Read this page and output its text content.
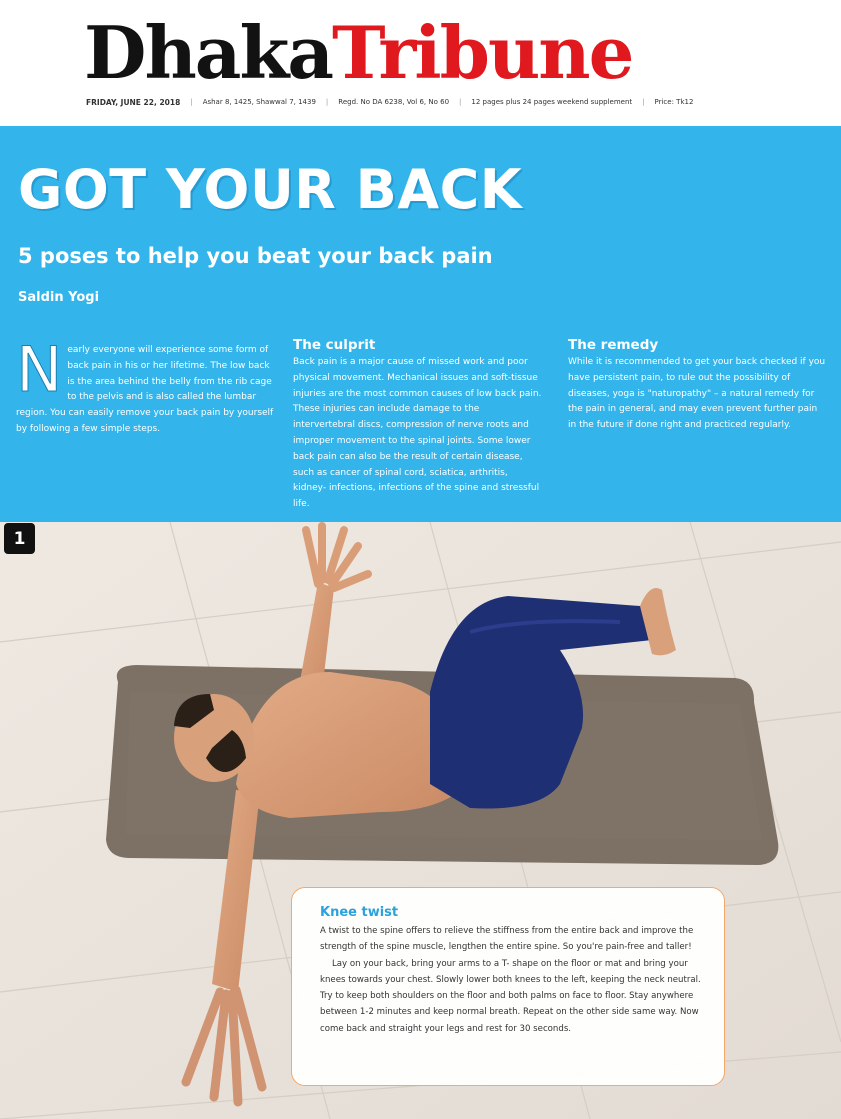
DhakaTribune
FRIDAY, JUNE 22, 2018 | Ashar 8, 1425, Shawwal 7, 1439 | Regd. No DA 6238, Vol 6, No 60 | 12 pages plus 24 pages weekend supplement | Price: Tk12
GOT YOUR BACK
5 poses to help you beat your back pain
Saldin Yogi

Nearly everyone will experience some form of back pain in his or her lifetime. The low back is the area behind the belly from the rib cage to the pelvis and is also called the lumbar region. You can easily remove your back pain by yourself by following a few simple steps.

The culprit

Back pain is a major cause of missed work and poor physical movement. Mechanical issues and soft-tissue injuries are the most common causes of low back pain. These injuries can include damage to the intervertebral discs, compression of nerve roots and improper movement to the spinal joints. Some lower back pain can also be the result of certain disease, such as cancer of spinal cord, sciatica, arthritis, kidney- infections, infections of the spine and stressful life.

The remedy

While it is recommended to get your back checked if you have persistent pain, to rule out the possibility of diseases, yoga is "naturopathy" – a natural remedy for the pain in general, and may even prevent further pain in the future if done right and practiced regularly.

1
Knee twist

A twist to the spine offers to relieve the stiffness from the entire back and improve the strength of the spine muscle, lengthen the entire spine. So you're pain-free and taller!

Lay on your back, bring your arms to a T- shape on the floor or mat and bring your knees towards your chest. Slowly lower both knees to the left, keeping the neck neutral. Try to keep both shoulders on the floor and both palms on face to floor. Stay anywhere between 1-2 minutes and keep normal breath. Repeat on the other side same way. Now come back and straight your legs and rest for 30 seconds.
